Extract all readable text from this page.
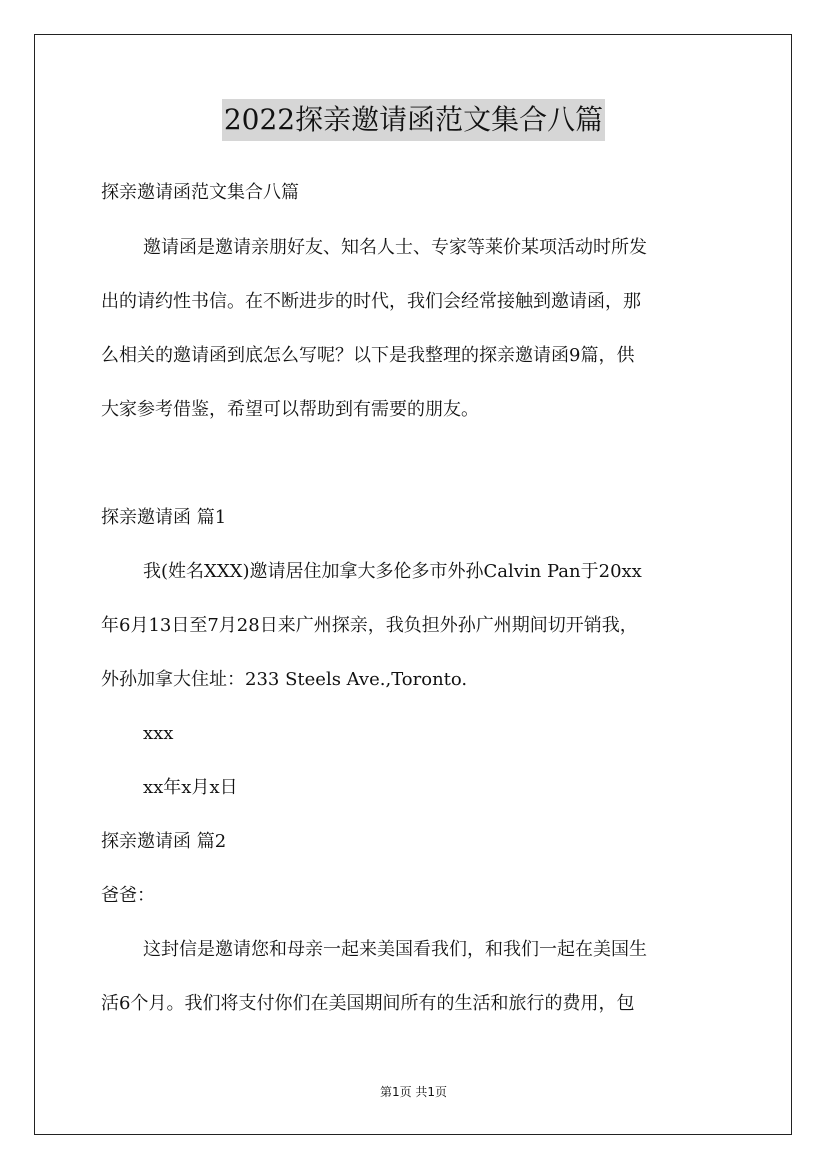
2022探亲邀请函范文集合八篇
探亲邀请函范文集合八篇
邀请函是邀请亲朋好友、知名人士、专家等莱价某项活动时所发
出的请约性书信。在不断进步的时代，我们会经常接触到邀请函，那
么相关的邀请函到底怎么写呢？以下是我整理的探亲邀请函9篇，供
大家参考借鉴，希望可以帮助到有需要的朋友。
探亲邀请函 篇1
我(姓名XXX)邀请居住加拿大多伦多市外孙Calvin Pan于20xx
年6月13日至7月28日来广州探亲，我负担外孙广州期间切开销我，
外孙加拿大住址：233 Steels Ave.,Toronto.
xxx
xx年x月x日
探亲邀请函 篇2
爸爸：
这封信是邀请您和母亲一起来美国看我们，和我们一起在美国生
活6个月。我们将支付你们在美国期间所有的生活和旅行的费用，包
第1页 共1页
